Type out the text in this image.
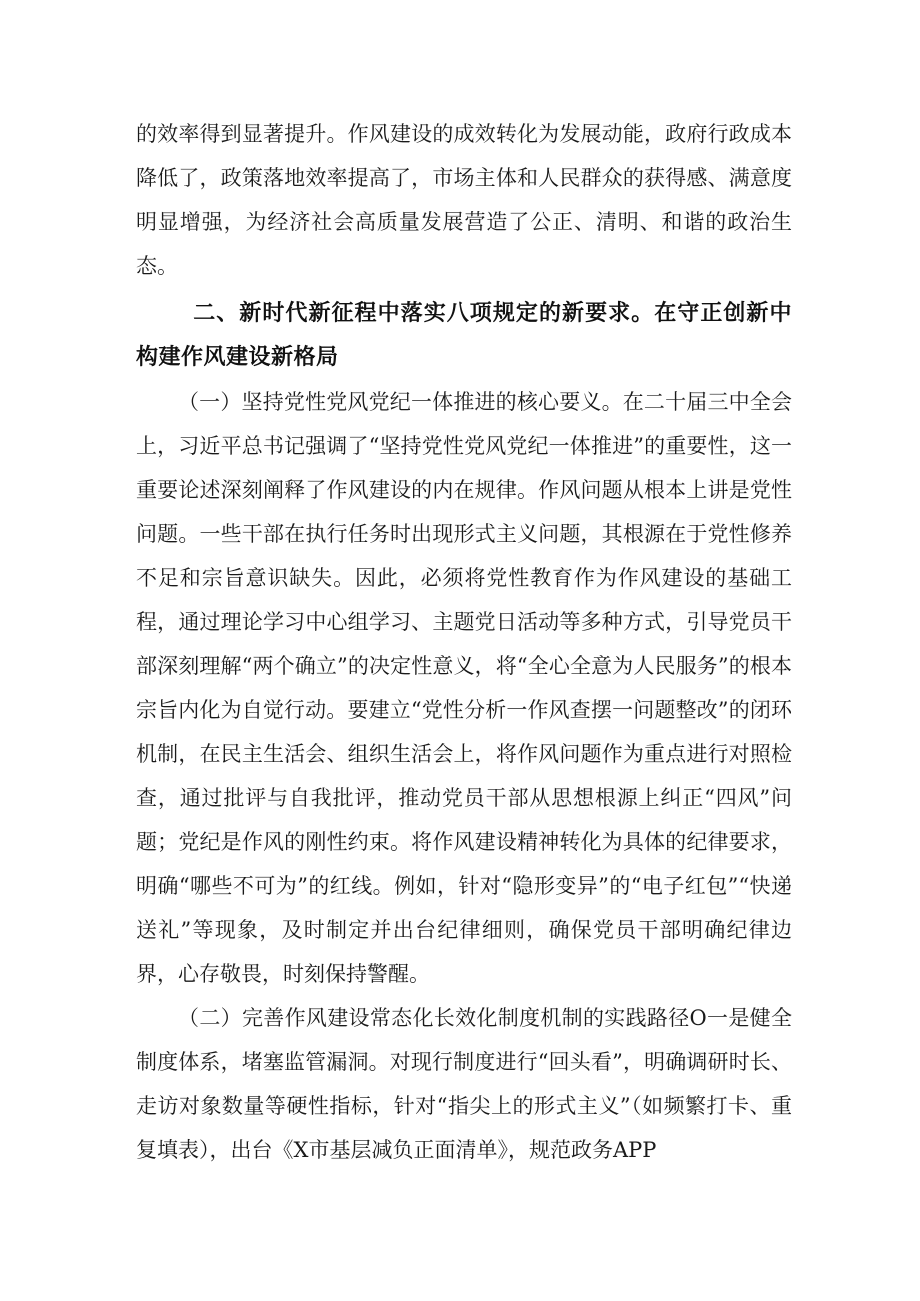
的效率得到显著提升。作风建设的成效转化为发展动能，政府行政成本降低了，政策落地效率提高了，市场主体和人民群众的获得感、满意度明显增强，为经济社会高质量发展营造了公正、清明、和谐的政治生态。

二、新时代新征程中落实八项规定的新要求。在守正创新中构建作风建设新格局

（一）坚持党性党风党纪一体推进的核心要义。在二十届三中全会上，习近平总书记强调了“坚持党性党风党纪一体推进”的重要性，这一重要论述深刻阐释了作风建设的内在规律。作风问题从根本上讲是党性问题。一些干部在执行任务时出现形式主义问题，其根源在于党性修养不足和宗旨意识缺失。因此，必须将党性教育作为作风建设的基础工程，通过理论学习中心组学习、主题党日活动等多种方式，引导党员干部深刻理解“两个确立”的决定性意义，将“全心全意为人民服务”的根本宗旨内化为自觉行动。要建立“党性分析一作风查摆一问题整改”的闭环机制，在民主生活会、组织生活会上，将作风问题作为重点进行对照检查，通过批评与自我批评，推动党员干部从思想根源上纠正“四风”问题；党纪是作风的刚性约束。将作风建设精神转化为具体的纪律要求，明确“哪些不可为”的红线。例如，针对“隐形变异”的“电子红包”“快递送礼”等现象，及时制定并出台纪律细则，确保党员干部明确纪律边界，心存敬畏，时刻保持警醒。

（二）完善作风建设常态化长效化制度机制的实践路径O一是健全制度体系，堵塞监管漏洞。对现行制度进行“回头看”，明确调研时长、走访对象数量等硬性指标，针对“指尖上的形式主义”（如频繁打卡、重复填表），出台《X市基层减负正面清单》，规范政务APP
